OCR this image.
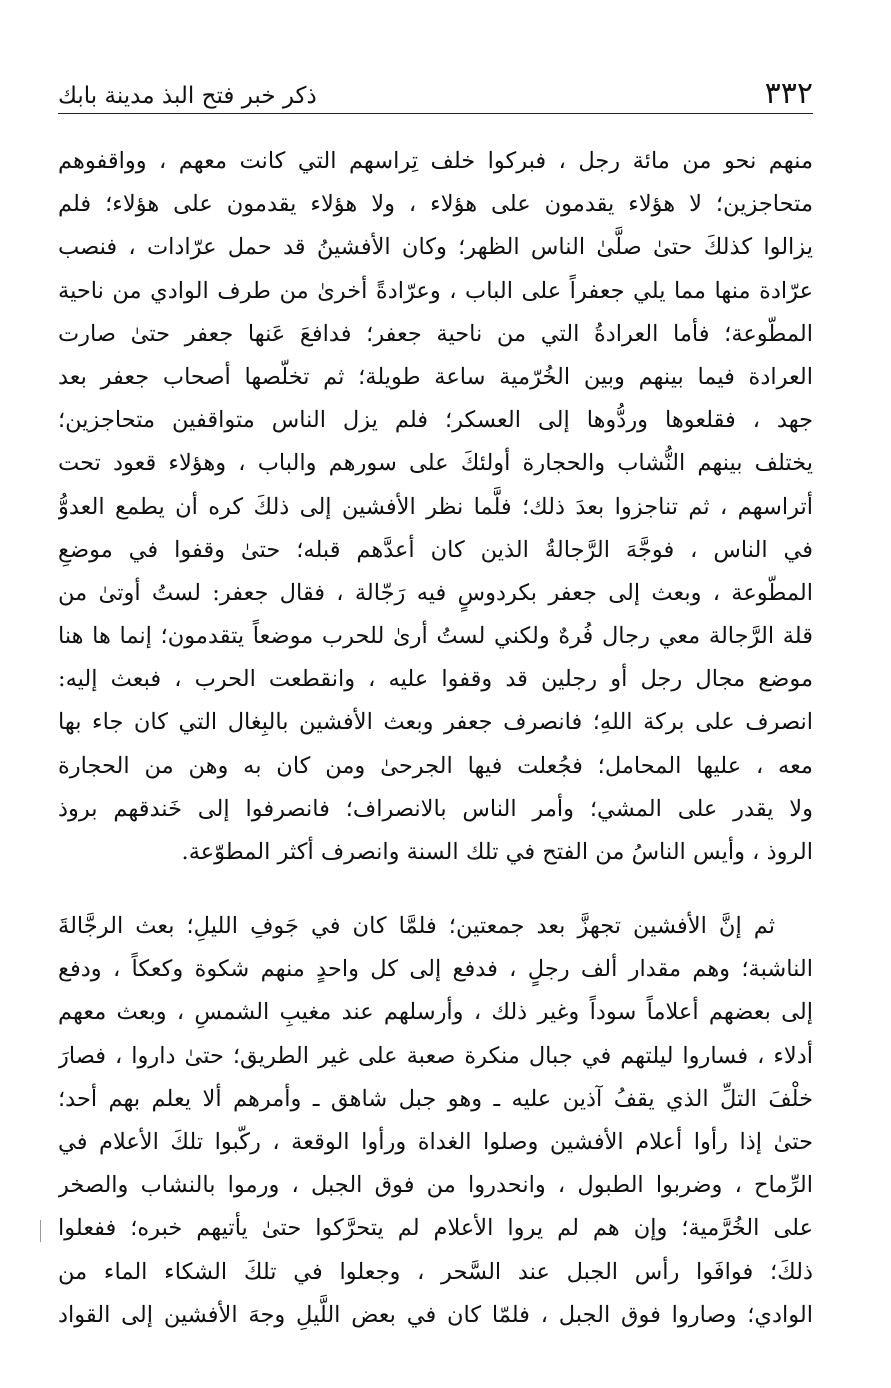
٣٣٢
ذكر خبر فتح البذ مدينة بابك
منهم نحو من مائة رجل ، فبركوا خلف تِراسهم التي كانت معهم ، وواقفوهم
متحاجزين؛ لا هؤلاء يقدمون على هؤلاء ، ولا هؤلاء يقدمون على هؤلاء؛ فلم
يزالوا كذلكَ حتىٰ صلَّىٰ الناس الظهر؛ وكان الأفشينُ قد حمل عرّادات ، فنصب
عرّادة منها مما يلي جعفراً على الباب ، وعرّادةً أخرىٰ من طرف الوادي من ناحية
المطّوعة؛ فأما العرادةُ التي من ناحية جعفر؛ فدافعَ عَنها جعفر حتىٰ صارت
العرادة فيما بينهم وبين الخُرّمية ساعة طويلة؛ ثم تخلّصها أصحاب جعفر بعد
جهد ، فقلعوها وردُّوها إلى العسكر؛ فلم يزل الناس متواقفين متحاجزين؛
يختلف بينهم النُّشاب والحجارة أولئكَ على سورهم والباب ، وهؤلاء قعود تحت
أتراسهم ، ثم تناجزوا بعدَ ذلك؛ فلَّما نظر الأفشين إلى ذلكَ كره أن يطمع العدوُّ
في الناس ، فوجَّهَ الرَّجالةُ الذين كان أعدَّهم قبله؛ حتىٰ وقفوا في موضعِ
المطّوعة ، وبعث إلى جعفر بكردوسٍ فيه رَجّالة ، فقال جعفر: لستُ أوتىٰ من
قلة الرَّجالة معي رجال فُرهٌ ولكني لستُ أرىٰ للحرب موضعاً يتقدمون؛ إنما ها هنا
موضع مجال رجل أو رجلين قد وقفوا عليه ، وانقطعت الحرب ، فبعث إليه:
انصرف على بركة اللهِ؛ فانصرف جعفر وبعث الأفشين بالبِغال التي كان جاء بها
معه ، عليها المحامل؛ فجُعلت فيها الجرحىٰ ومن كان به وهن من الحجارة
ولا يقدر على المشي؛ وأمر الناس بالانصراف؛ فانصرفوا إلى خَندقهم بروذ
الروذ ، وأيس الناسُ من الفتح في تلك السنة وانصرف أكثر المطوّعة.
ثم إنَّ الأفشين تجهزَّ بعد جمعتين؛ فلمَّا كان في جَوفِ الليلِ؛ بعث الرجَّالةَ
الناشبة؛ وهم مقدار ألف رجلٍ ، فدفع إلى كل واحدٍ منهم شكوة وكعكاً ، ودفع
إلى بعضهم أعلاماً سوداً وغير ذلك ، وأرسلهم عند مغيبِ الشمسِ ، وبعث معهم
أدلاء ، فساروا ليلتهم في جبال منكرة صعبة على غير الطريق؛ حتىٰ داروا ، فصارَ
خلْفَ التلِّ الذي يقفُ آذين عليه ـ وهو جبل شاهق ـ وأمرهم ألا يعلم بهم أحد؛
حتىٰ إذا رأوا أعلام الأفشين وصلوا الغداة ورأوا الوقعة ، ركّبوا تلكَ الأعلام في
الرِّماح ، وضربوا الطبول ، وانحدروا من فوق الجبل ، ورموا بالنشاب والصخر
على الخُرَّمية؛ وإن هم لم يروا الأعلام لم يتحرَّكوا حتىٰ يأتيهم خبره؛ ففعلوا
ذلكَ؛ فوافَوا رأس الجبل عند السَّحر ، وجعلوا في تلكَ الشكاء الماء من
الوادي؛ وصاروا فوق الجبل ، فلمّا كان في بعض اللَّيلِ وجهَ الأفشين إلى القواد
